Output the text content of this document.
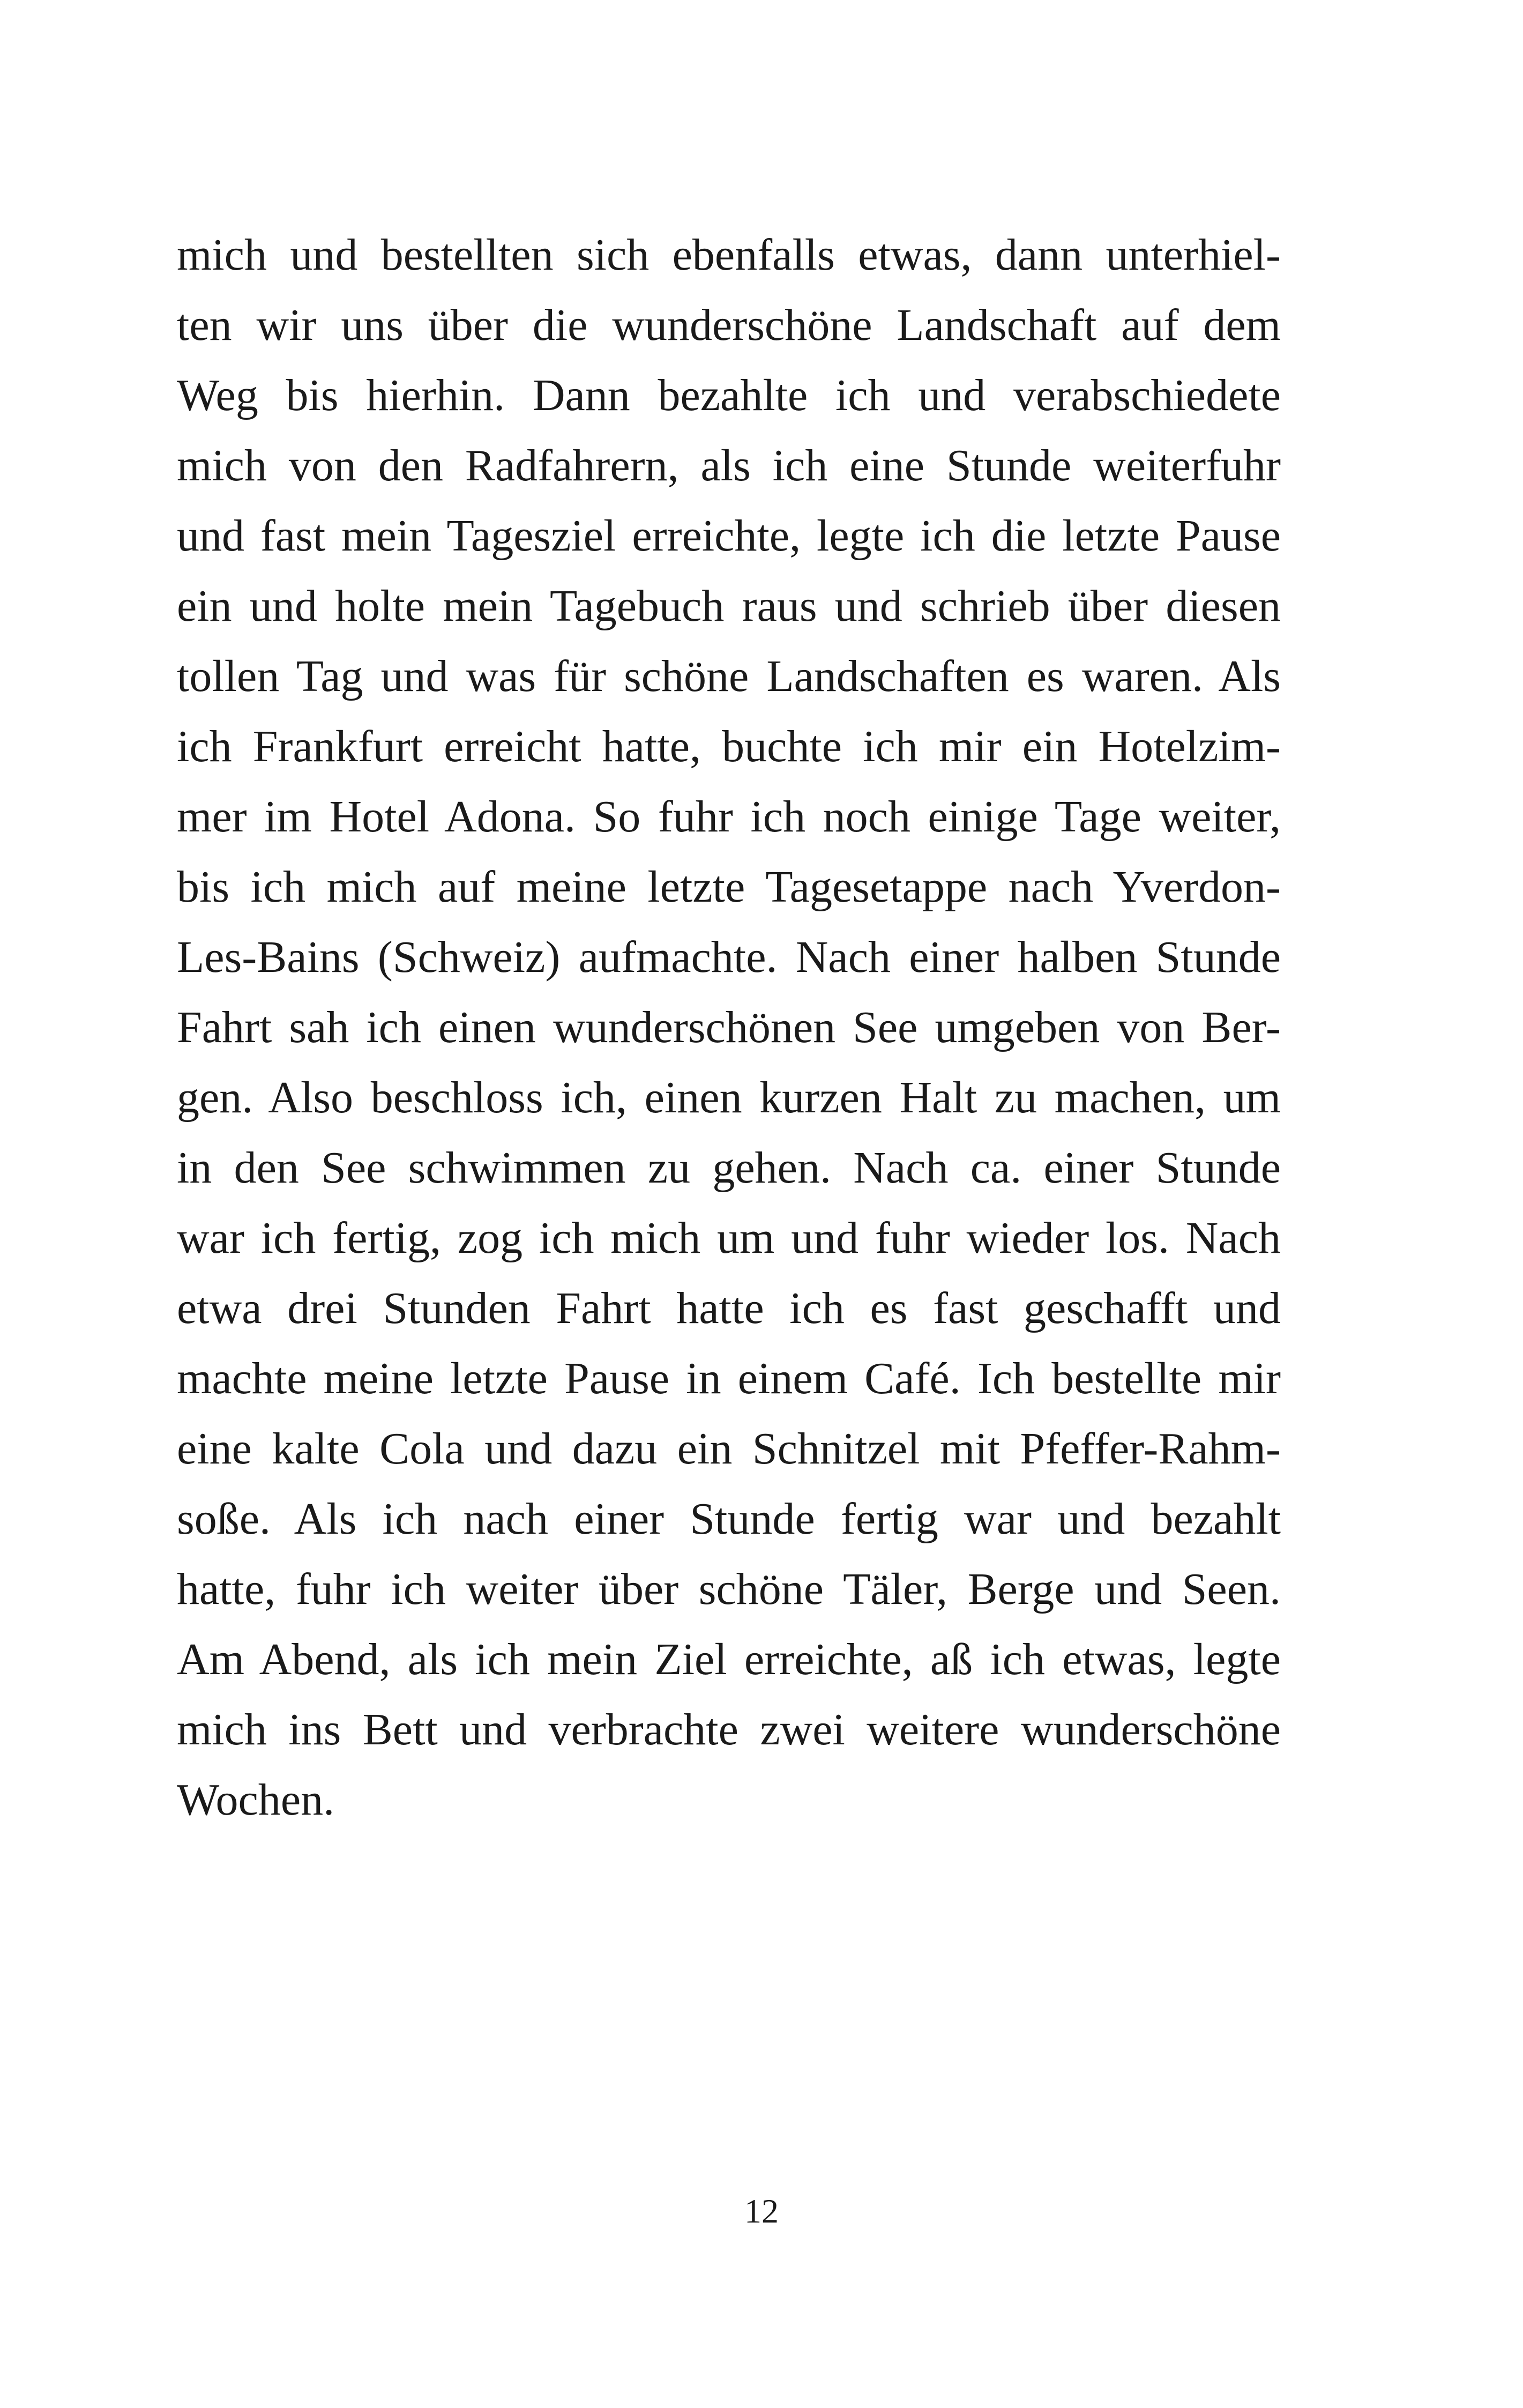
mich und bestellten sich ebenfalls etwas, dann unterhiel-
ten wir uns über die wunderschöne Landschaft auf dem
Weg bis hierhin. Dann bezahlte ich und verabschiedete
mich von den Radfahrern, als ich eine Stunde weiterfuhr
und fast mein Tagesziel erreichte, legte ich die letzte Pause
ein und holte mein Tagebuch raus und schrieb über diesen
tollen Tag und was für schöne Landschaften es waren. Als
ich Frankfurt erreicht hatte, buchte ich mir ein Hotelzim-
mer im Hotel Adona. So fuhr ich noch einige Tage weiter,
bis ich mich auf meine letzte Tagesetappe nach Yverdon-
Les-Bains (Schweiz) aufmachte. Nach einer halben Stunde
Fahrt sah ich einen wunderschönen See umgeben von Ber-
gen. Also beschloss ich, einen kurzen Halt zu machen, um
in den See schwimmen zu gehen. Nach ca. einer Stunde
war ich fertig, zog ich mich um und fuhr wieder los. Nach
etwa drei Stunden Fahrt hatte ich es fast geschafft und
machte meine letzte Pause in einem Café. Ich bestellte mir
eine kalte Cola und dazu ein Schnitzel mit Pfeffer-Rahm-
soße. Als ich nach einer Stunde fertig war und bezahlt
hatte, fuhr ich weiter über schöne Täler, Berge und Seen.
Am Abend, als ich mein Ziel erreichte, aß ich etwas, legte
mich ins Bett und verbrachte zwei weitere wunderschöne
Wochen.
12
